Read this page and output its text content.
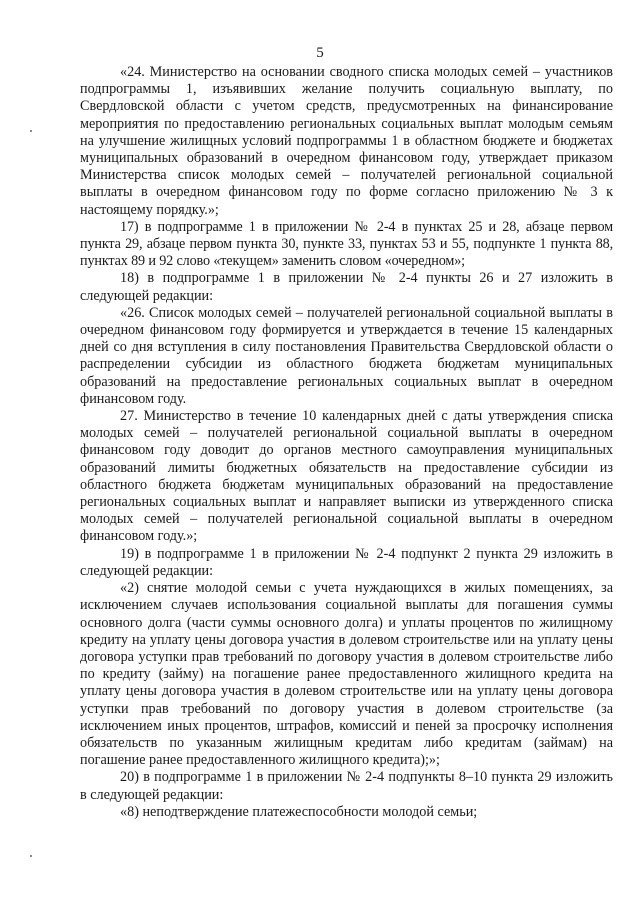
5

«24. Министерство на основании сводного списка молодых семей – участников подпрограммы 1, изъявивших желание получить социальную выплату, по Свердловской области с учетом средств, предусмотренных на финансирование мероприятия по предоставлению региональных социальных выплат молодым семьям на улучшение жилищных условий подпрограммы 1 в областном бюджете и бюджетах муниципальных образований в очередном финансовом году, утверждает приказом Министерства список молодых семей – получателей региональной социальной выплаты в очередном финансовом году по форме согласно приложению № 3 к настоящему порядку.»;

17) в подпрограмме 1 в приложении № 2-4 в пунктах 25 и 28, абзаце первом пункта 29, абзаце первом пункта 30, пункте 33, пунктах 53 и 55, подпункте 1 пункта 88, пунктах 89 и 92 слово «текущем» заменить словом «очередном»;

18) в подпрограмме 1 в приложении № 2-4 пункты 26 и 27 изложить в следующей редакции:

«26. Список молодых семей – получателей региональной социальной выплаты в очередном финансовом году формируется и утверждается в течение 15 календарных дней со дня вступления в силу постановления Правительства Свердловской области о распределении субсидии из областного бюджета бюджетам муниципальных образований на предоставление региональных социальных выплат в очередном финансовом году.

27. Министерство в течение 10 календарных дней с даты утверждения списка молодых семей – получателей региональной социальной выплаты в очередном финансовом году доводит до органов местного самоуправления муниципальных образований лимиты бюджетных обязательств на предоставление субсидии из областного бюджета бюджетам муниципальных образований на предоставление региональных социальных выплат и направляет выписки из утвержденного списка молодых семей – получателей региональной социальной выплаты в очередном финансовом году.»;

19) в подпрограмме 1 в приложении № 2-4 подпункт 2 пункта 29 изложить в следующей редакции:

«2) снятие молодой семьи с учета нуждающихся в жилых помещениях, за исключением случаев использования социальной выплаты для погашения суммы основного долга (части суммы основного долга) и уплаты процентов по жилищному кредиту на уплату цены договора участия в долевом строительстве или на уплату цены договора уступки прав требований по договору участия в долевом строительстве либо по кредиту (займу) на погашение ранее предоставленного жилищного кредита на уплату цены договора участия в долевом строительстве или на уплату цены договора уступки прав требований по договору участия в долевом строительстве (за исключением иных процентов, штрафов, комиссий и пеней за просрочку исполнения обязательств по указанным жилищным кредитам либо кредитам (займам) на погашение ранее предоставленного жилищного кредита);»;

20) в подпрограмме 1 в приложении № 2-4 подпункты 8–10 пункта 29 изложить в следующей редакции:

«8) неподтверждение платежеспособности молодой семьи;
